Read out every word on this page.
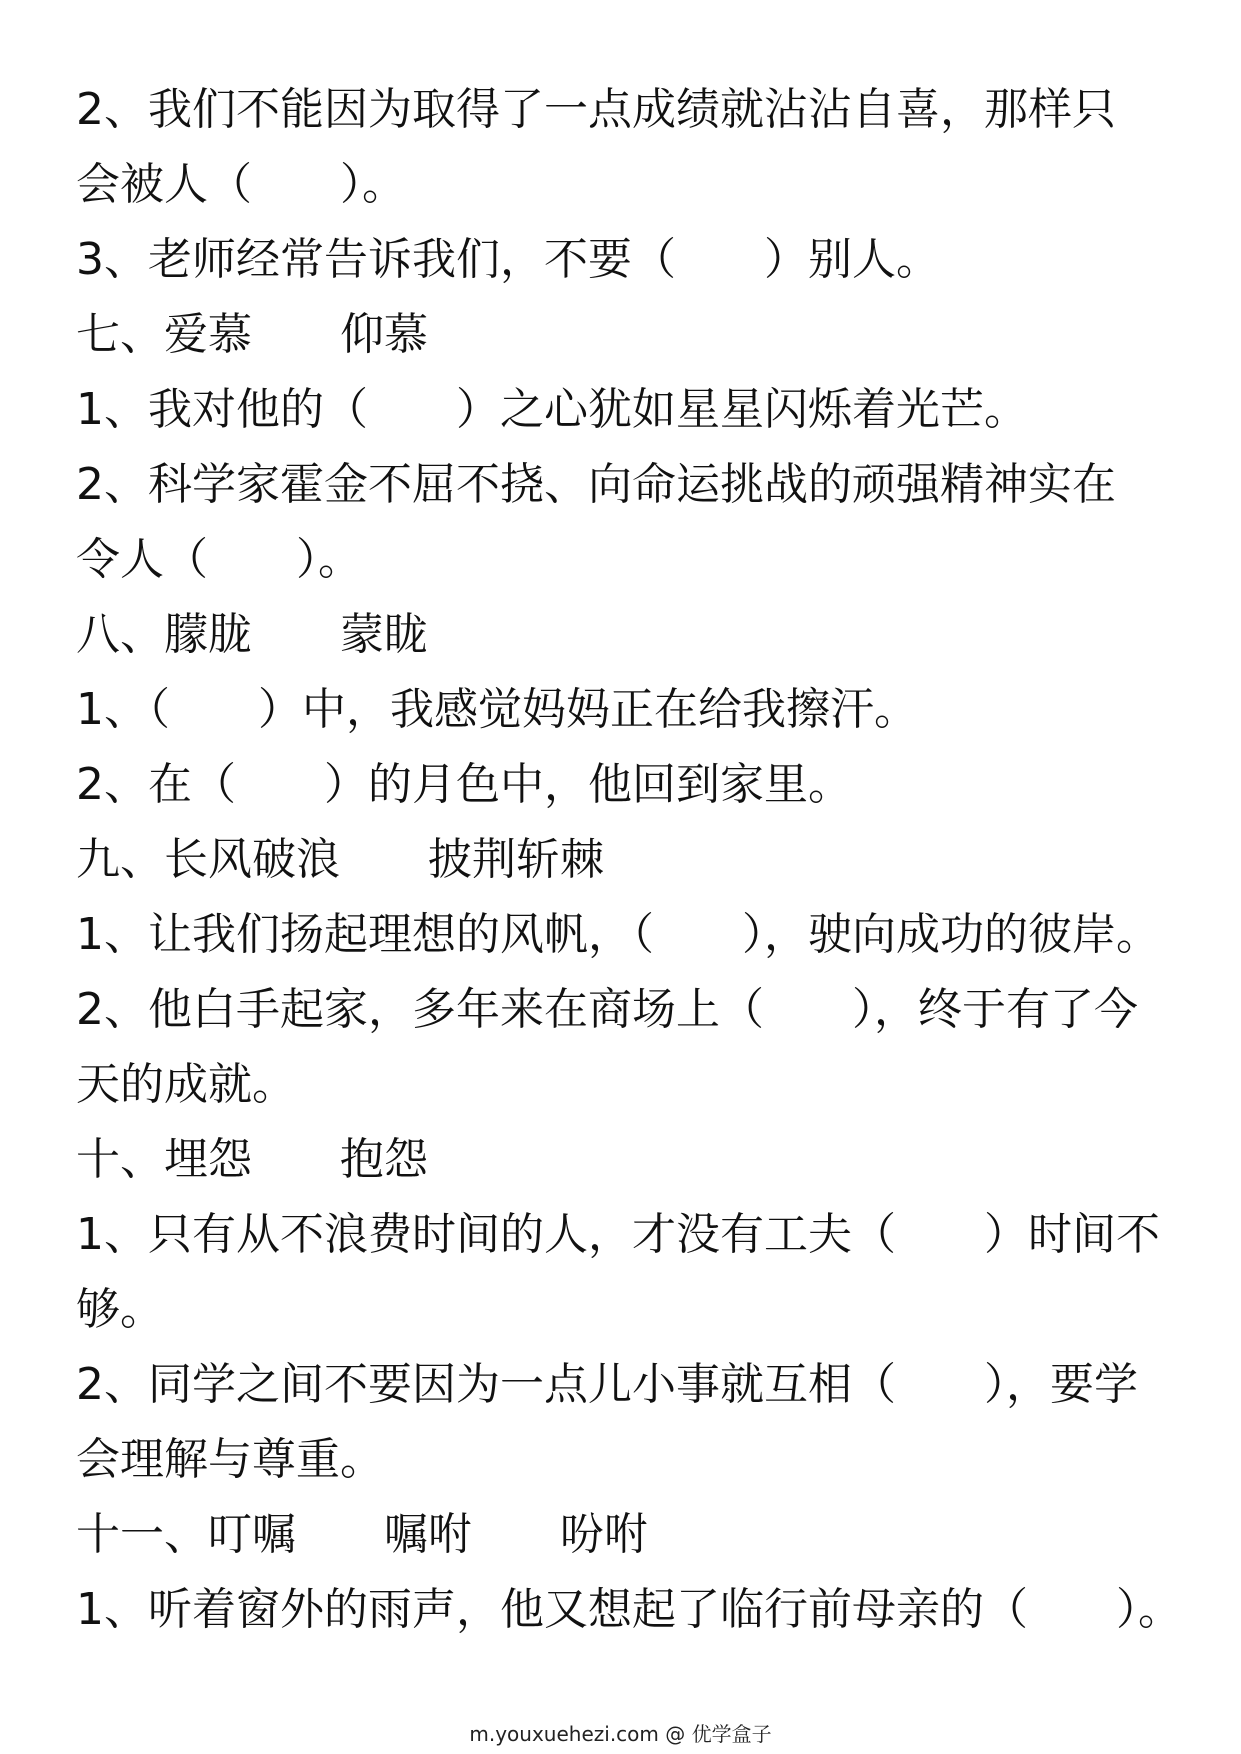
2、我们不能因为取得了一点成绩就沾沾自喜，那样只
会被人（　　）。
3、老师经常告诉我们，不要（　　）别人。
七、爱慕　　仰慕
1、我对他的（　　）之心犹如星星闪烁着光芒。
2、科学家霍金不屈不挠、向命运挑战的顽强精神实在
令人（　　）。
八、朦胧　　蒙眬
1、（　　）中，我感觉妈妈正在给我擦汗。
2、在（　　）的月色中，他回到家里。
九、长风破浪　　披荆斩棘
1、让我们扬起理想的风帆，（　　），驶向成功的彼岸。
2、他白手起家，多年来在商场上（　　），终于有了今
天的成就。
十、埋怨　　抱怨
1、只有从不浪费时间的人，才没有工夫（　　）时间不
够。
2、同学之间不要因为一点儿小事就互相（　　），要学
会理解与尊重。
十一、叮嘱　　嘱咐　　吩咐
1、听着窗外的雨声，他又想起了临行前母亲的（　　）。
m.youxuehezi.com @ 优学盒子
